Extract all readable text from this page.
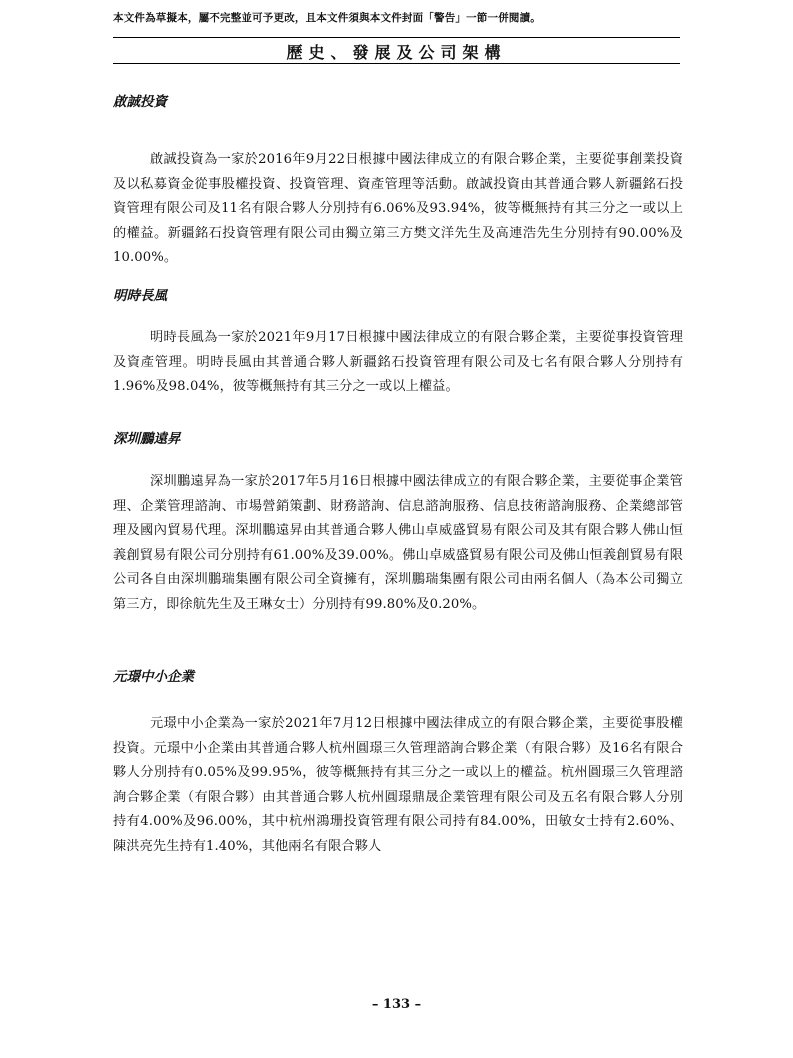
本文件為草擬本，屬不完整並可予更改，且本文件須與本文件封面「警告」一節一併閱讀。
歷史、發展及公司架構
啟誠投資

啟誠投資為一家於2016年9月22日根據中國法律成立的有限合夥企業，主要從事創業投資及以私募資金從事股權投資、投資管理、資產管理等活動。啟誠投資由其普通合夥人新疆銘石投資管理有限公司及11名有限合夥人分別持有6.06%及93.94%，彼等概無持有其三分之一或以上的權益。新疆銘石投資管理有限公司由獨立第三方樊文洋先生及高連浩先生分別持有90.00%及10.00%。

明時長風

明時長風為一家於2021年9月17日根據中國法律成立的有限合夥企業，主要從事投資管理及資產管理。明時長風由其普通合夥人新疆銘石投資管理有限公司及七名有限合夥人分別持有1.96%及98.04%，彼等概無持有其三分之一或以上權益。

深圳鵬遠昇

深圳鵬遠昇為一家於2017年5月16日根據中國法律成立的有限合夥企業，主要從事企業管理、企業管理諮詢、市場營銷策劃、財務諮詢、信息諮詢服務、信息技術諮詢服務、企業總部管理及國內貿易代理。深圳鵬遠昇由其普通合夥人佛山卓威盛貿易有限公司及其有限合夥人佛山恒義創貿易有限公司分別持有61.00%及39.00%。佛山卓威盛貿易有限公司及佛山恒義創貿易有限公司各自由深圳鵬瑞集團有限公司全資擁有，深圳鵬瑞集團有限公司由兩名個人（為本公司獨立第三方，即徐航先生及王琳女士）分別持有99.80%及0.20%。

元璟中小企業

元璟中小企業為一家於2021年7月12日根據中國法律成立的有限合夥企業，主要從事股權投資。元璟中小企業由其普通合夥人杭州圓璟三久管理諮詢合夥企業（有限合夥）及16名有限合夥人分別持有0.05%及99.95%，彼等概無持有其三分之一或以上的權益。杭州圓璟三久管理諮詢合夥企業（有限合夥）由其普通合夥人杭州圓璟鼎晟企業管理有限公司及五名有限合夥人分別持有4.00%及96.00%，其中杭州鴻珊投資管理有限公司持有84.00%，田敏女士持有2.60%、陳洪亮先生持有1.40%，其他兩名有限合夥人

– 133 –
